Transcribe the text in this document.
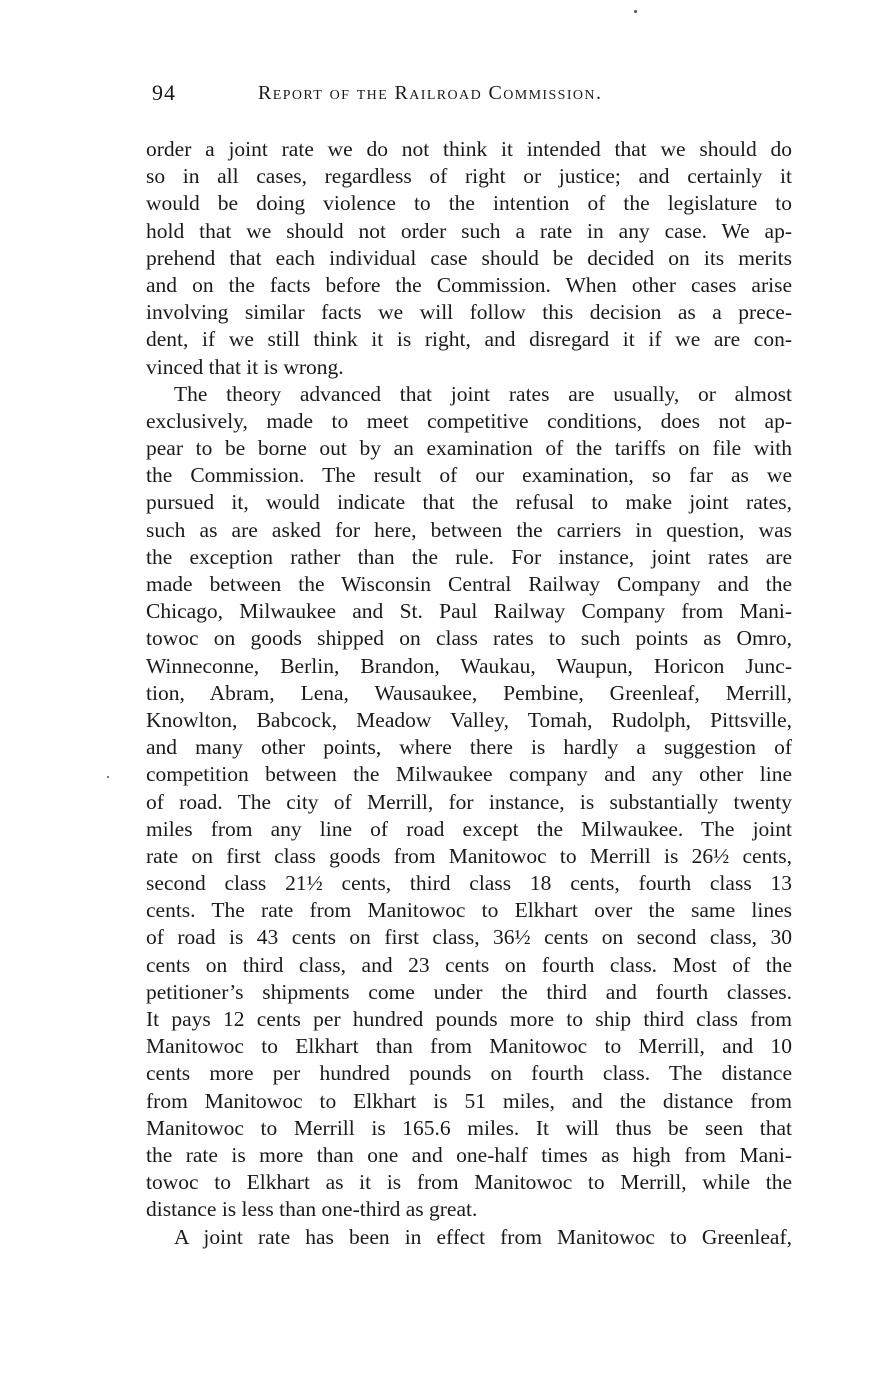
94	Report of the Railroad Commission.
order a joint rate we do not think it intended that we should do
so in all cases, regardless of right or justice; and certainly it
would be doing violence to the intention of the legislature to
hold that we should not order such a rate in any case. We ap-
prehend that each individual case should be decided on its merits
and on the facts before the Commission. When other cases arise
involving similar facts we will follow this decision as a prece-
dent, if we still think it is right, and disregard it if we are con-
vinced that it is wrong.
The theory advanced that joint rates are usually, or almost
exclusively, made to meet competitive conditions, does not ap-
pear to be borne out by an examination of the tariffs on file with
the Commission. The result of our examination, so far as we
pursued it, would indicate that the refusal to make joint rates,
such as are asked for here, between the carriers in question, was
the exception rather than the rule. For instance, joint rates are
made between the Wisconsin Central Railway Company and the
Chicago, Milwaukee and St. Paul Railway Company from Mani-
towoc on goods shipped on class rates to such points as Omro,
Winneconne, Berlin, Brandon, Waukau, Waupun, Horicon Junc-
tion, Abram, Lena, Wausaukee, Pembine, Greenleaf, Merrill,
Knowlton, Babcock, Meadow Valley, Tomah, Rudolph, Pittsville,
and many other points, where there is hardly a suggestion of
competition between the Milwaukee company and any other line
of road. The city of Merrill, for instance, is substantially twenty
miles from any line of road except the Milwaukee. The joint
rate on first class goods from Manitowoc to Merrill is 26½ cents,
second class 21½ cents, third class 18 cents, fourth class 13
cents. The rate from Manitowoc to Elkhart over the same lines
of road is 43 cents on first class, 36½ cents on second class, 30
cents on third class, and 23 cents on fourth class. Most of the
petitioner’s shipments come under the third and fourth classes.
It pays 12 cents per hundred pounds more to ship third class from
Manitowoc to Elkhart than from Manitowoc to Merrill, and 10
cents more per hundred pounds on fourth class. The distance
from Manitowoc to Elkhart is 51 miles, and the distance from
Manitowoc to Merrill is 165.6 miles. It will thus be seen that
the rate is more than one and one-half times as high from Mani-
towoc to Elkhart as it is from Manitowoc to Merrill, while the
distance is less than one-third as great.
A joint rate has been in effect from Manitowoc to Greenleaf,
